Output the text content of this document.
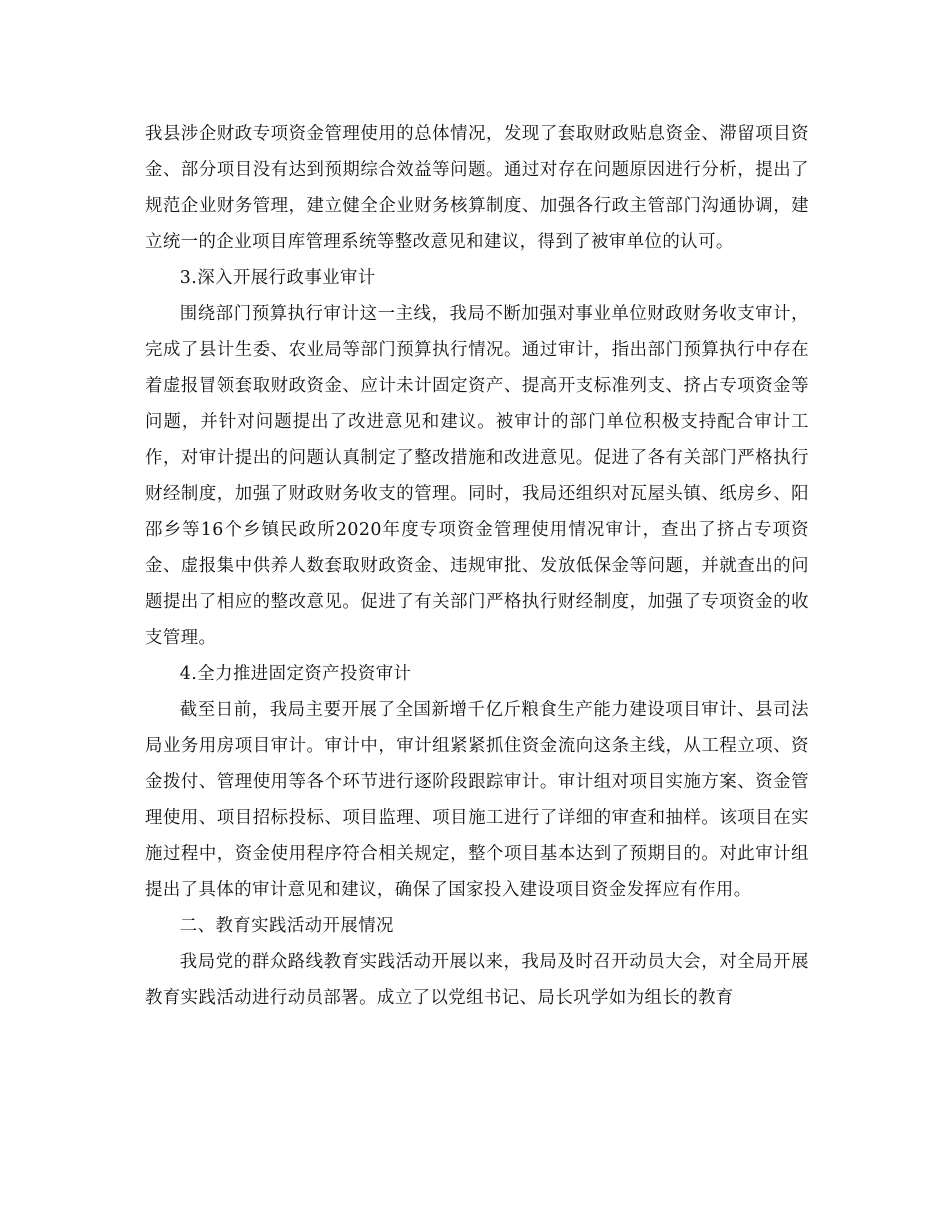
我县涉企财政专项资金管理使用的总体情况，发现了套取财政贴息资金、滞留项目资金、部分项目没有达到预期综合效益等问题。通过对存在问题原因进行分析，提出了规范企业财务管理，建立健全企业财务核算制度、加强各行政主管部门沟通协调，建立统一的企业项目库管理系统等整改意见和建议，得到了被审单位的认可。

3.深入开展行政事业审计

围绕部门预算执行审计这一主线，我局不断加强对事业单位财政财务收支审计，完成了县计生委、农业局等部门预算执行情况。通过审计，指出部门预算执行中存在着虚报冒领套取财政资金、应计未计固定资产、提高开支标准列支、挤占专项资金等问题，并针对问题提出了改进意见和建议。被审计的部门单位积极支持配合审计工作，对审计提出的问题认真制定了整改措施和改进意见。促进了各有关部门严格执行财经制度，加强了财政财务收支的管理。同时，我局还组织对瓦屋头镇、纸房乡、阳邵乡等16个乡镇民政所2020年度专项资金管理使用情况审计，查出了挤占专项资金、虚报集中供养人数套取财政资金、违规审批、发放低保金等问题，并就查出的问题提出了相应的整改意见。促进了有关部门严格执行财经制度，加强了专项资金的收支管理。

4.全力推进固定资产投资审计

截至日前，我局主要开展了全国新增千亿斤粮食生产能力建设项目审计、县司法局业务用房项目审计。审计中，审计组紧紧抓住资金流向这条主线，从工程立项、资金拨付、管理使用等各个环节进行逐阶段跟踪审计。审计组对项目实施方案、资金管理使用、项目招标投标、项目监理、项目施工进行了详细的审查和抽样。该项目在实施过程中，资金使用程序符合相关规定，整个项目基本达到了预期目的。对此审计组提出了具体的审计意见和建议，确保了国家投入建设项目资金发挥应有作用。

二、教育实践活动开展情况

我局党的群众路线教育实践活动开展以来，我局及时召开动员大会，对全局开展教育实践活动进行动员部署。成立了以党组书记、局长巩学如为组长的教育
